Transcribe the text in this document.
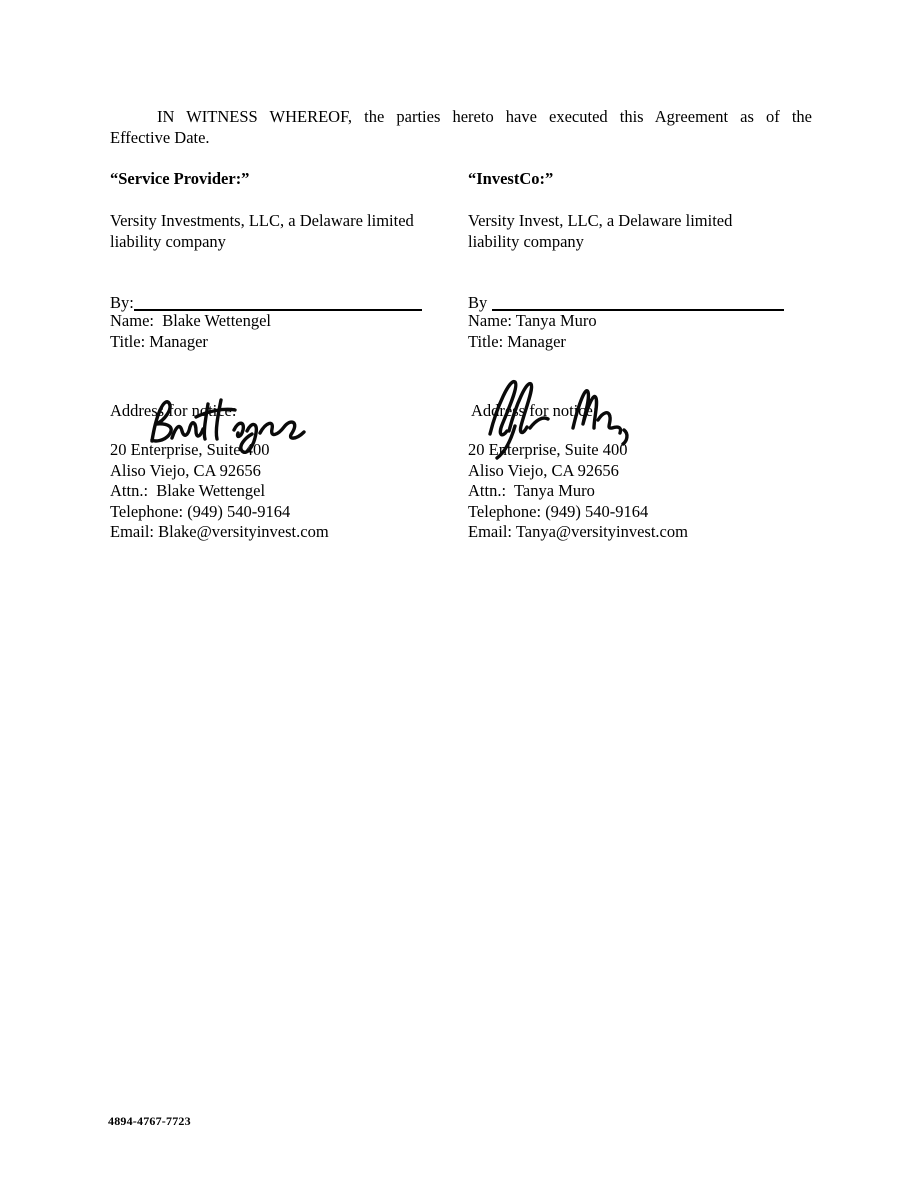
IN WITNESS WHEREOF, the parties hereto have executed this Agreement as of the
Effective Date.
“Service Provider:”
Versity Investments, LLC, a Delaware limited
liability company
By:
Name:  Blake Wettengel
Title: Manager
Address for notice:
20 Enterprise, Suite 400
Aliso Viejo, CA 92656
Attn.:  Blake Wettengel
Telephone: (949) 540-9164
Email: Blake@versityinvest.com
“InvestCo:”
Versity Invest, LLC, a Delaware limited
liability company
By
Name: Tanya Muro
Title: Manager
Address for notice:
20 Enterprise, Suite 400
Aliso Viejo, CA 92656
Attn.:  Tanya Muro
Telephone: (949) 540-9164
Email: Tanya@versityinvest.com
4894-4767-7723
